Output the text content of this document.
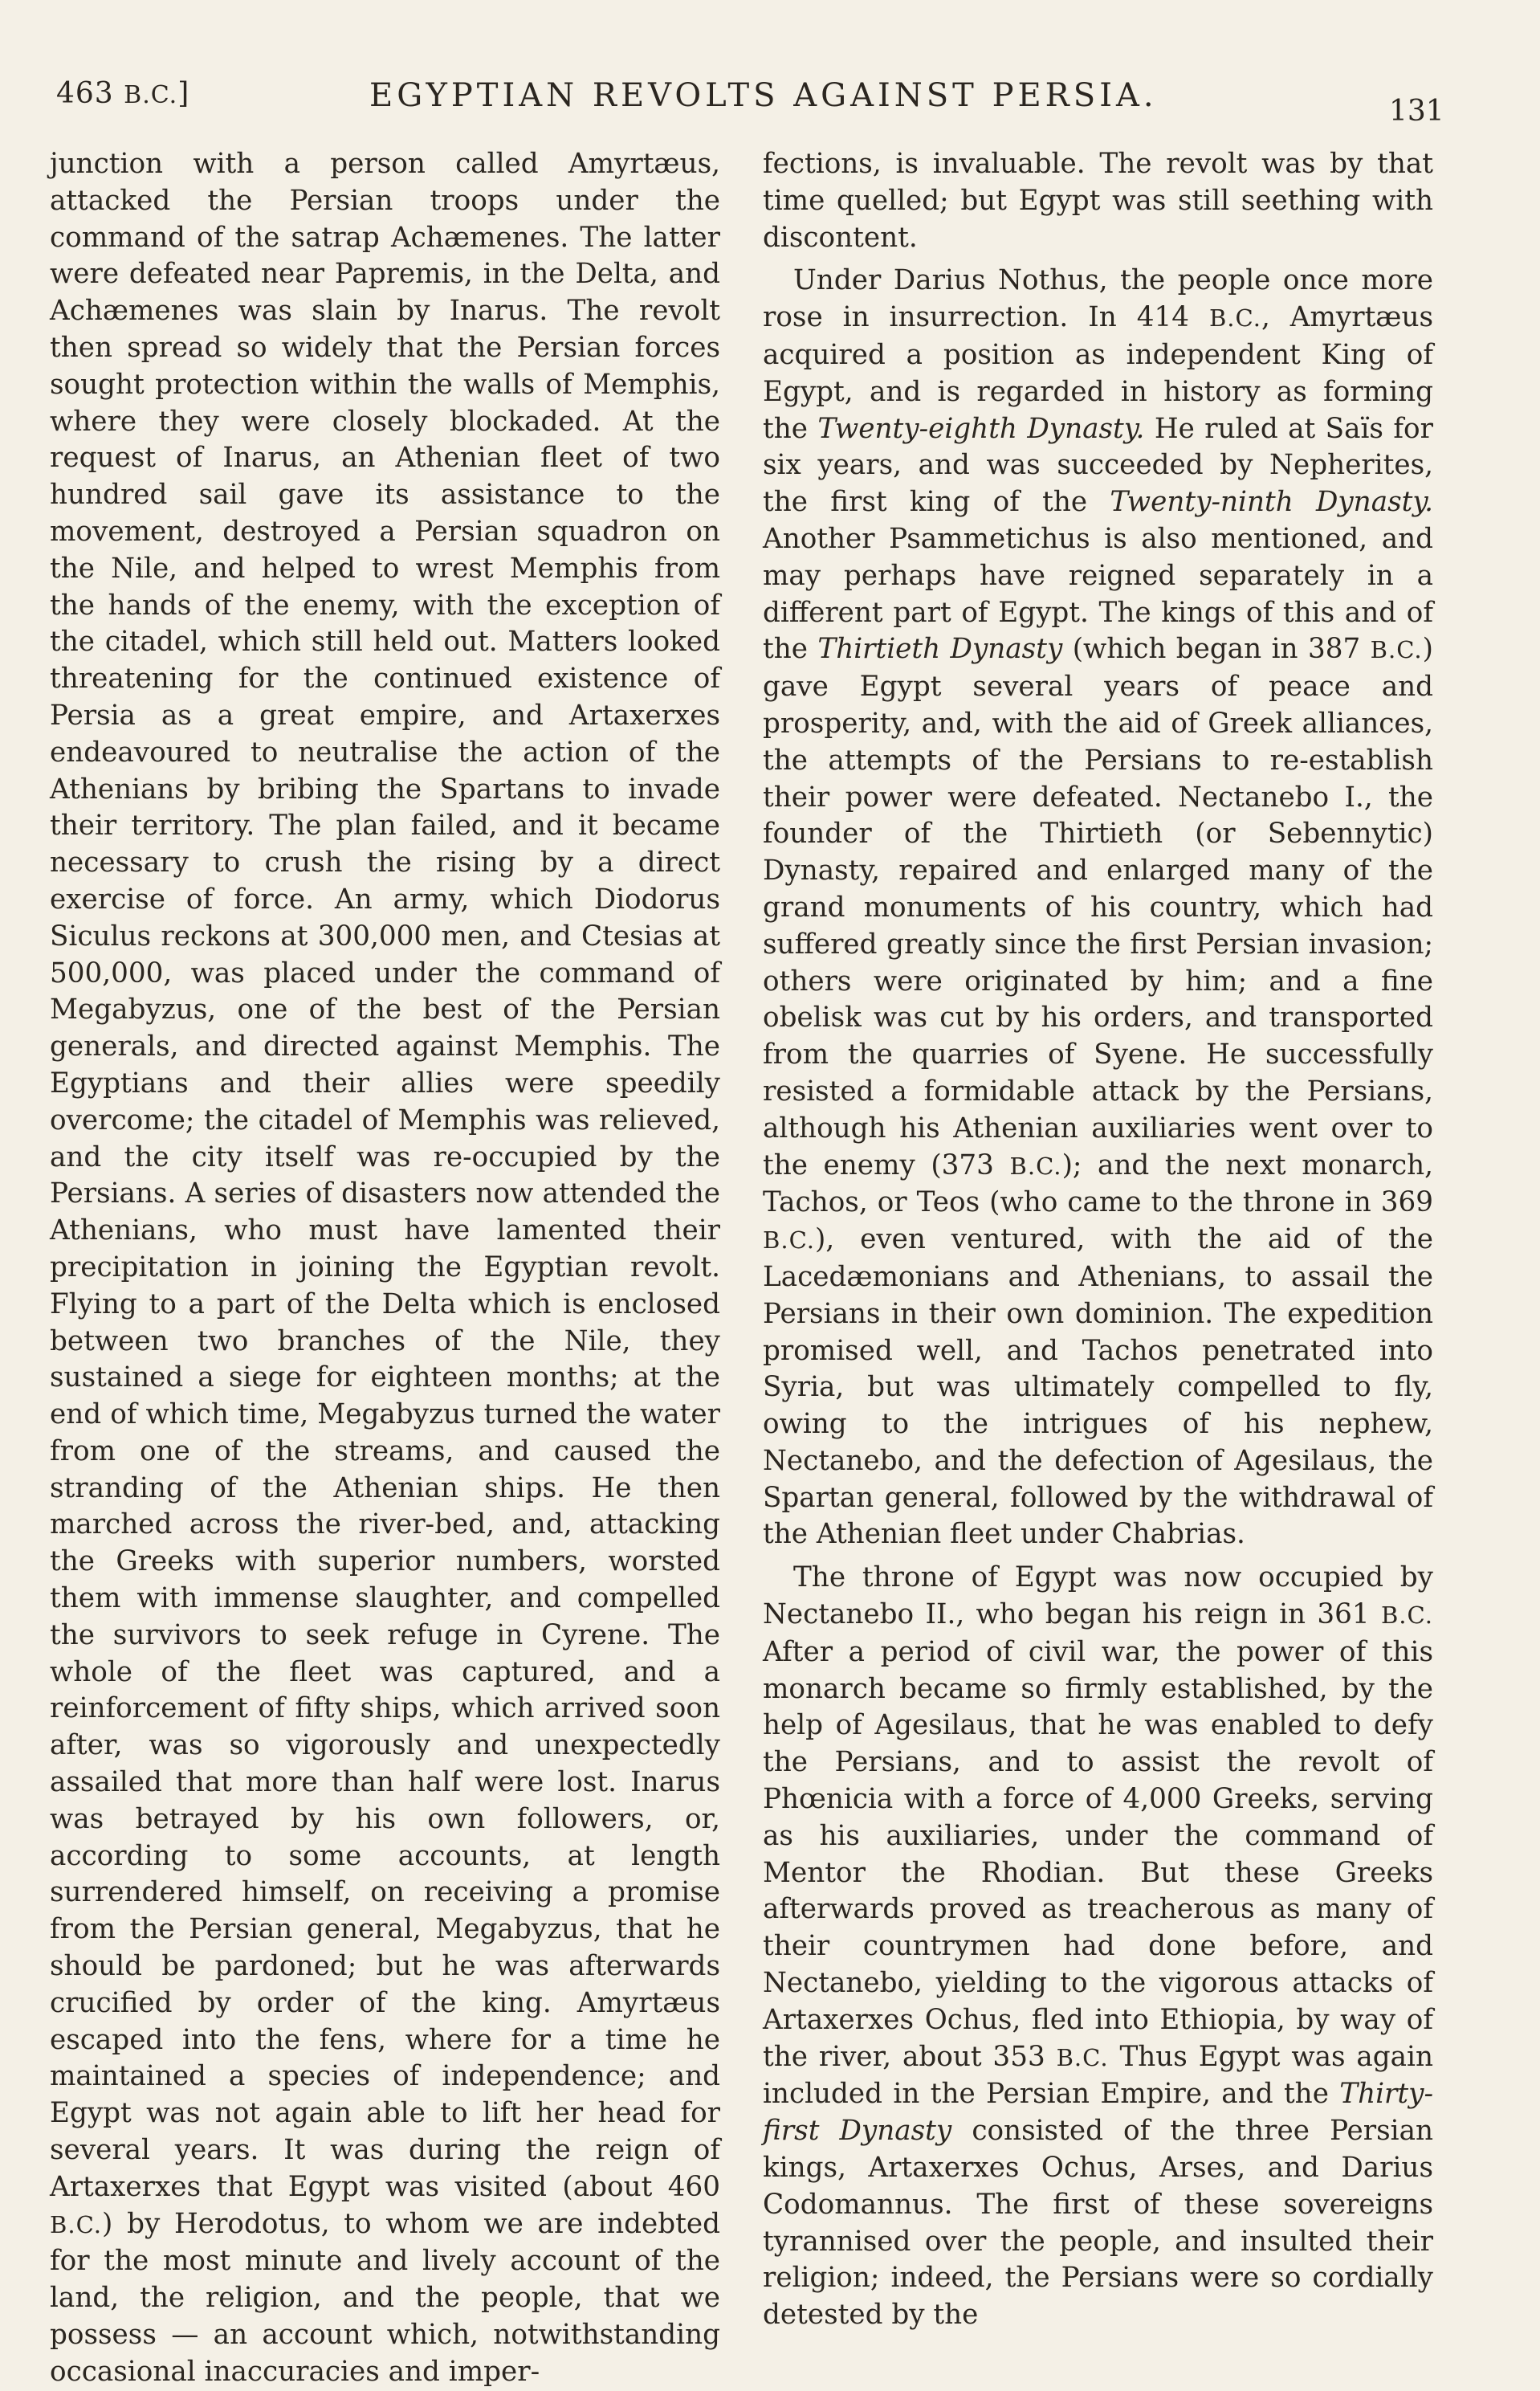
463 B.C.]	EGYPTIAN REVOLTS AGAINST PERSIA.	131

junction with a person called Amyrtæus, attacked the Persian troops under the command of the satrap Achæmenes. The latter were defeated near Papremis, in the Delta, and Achæmenes was slain by Inarus. The revolt then spread so widely that the Persian forces sought protection within the walls of Memphis, where they were closely blockaded. At the request of Inarus, an Athenian fleet of two hundred sail gave its assistance to the movement, destroyed a Persian squadron on the Nile, and helped to wrest Memphis from the hands of the enemy, with the exception of the citadel, which still held out. Matters looked threatening for the continued existence of Persia as a great empire, and Artaxerxes endeavoured to neutralise the action of the Athenians by bribing the Spartans to invade their territory. The plan failed, and it became necessary to crush the rising by a direct exercise of force. An army, which Diodorus Siculus reckons at 300,000 men, and Ctesias at 500,000, was placed under the command of Megabyzus, one of the best of the Persian generals, and directed against Memphis. The Egyptians and their allies were speedily overcome; the citadel of Memphis was relieved, and the city itself was re-occupied by the Persians. A series of disasters now attended the Athenians, who must have lamented their precipitation in joining the Egyptian revolt. Flying to a part of the Delta which is enclosed between two branches of the Nile, they sustained a siege for eighteen months; at the end of which time, Megabyzus turned the water from one of the streams, and caused the stranding of the Athenian ships. He then marched across the river-bed, and, attacking the Greeks with superior numbers, worsted them with immense slaughter, and compelled the survivors to seek refuge in Cyrene. The whole of the fleet was captured, and a reinforcement of fifty ships, which arrived soon after, was so vigorously and unexpectedly assailed that more than half were lost. Inarus was betrayed by his own followers, or, according to some accounts, at length surrendered himself, on receiving a promise from the Persian general, Megabyzus, that he should be pardoned; but he was afterwards crucified by order of the king. Amyrtæus escaped into the fens, where for a time he maintained a species of independence; and Egypt was not again able to lift her head for several years. It was during the reign of Artaxerxes that Egypt was visited (about 460 B.C.) by Herodotus, to whom we are indebted for the most minute and lively account of the land, the religion, and the people, that we possess — an account which, notwithstanding occasional inaccuracies and imper-

fections, is invaluable. The revolt was by that time quelled; but Egypt was still seething with discontent.

Under Darius Nothus, the people once more rose in insurrection. In 414 B.C., Amyrtæus acquired a position as independent King of Egypt, and is regarded in history as forming the Twenty-eighth Dynasty. He ruled at Saïs for six years, and was succeeded by Nepherites, the first king of the Twenty-ninth Dynasty. Another Psammetichus is also mentioned, and may perhaps have reigned separately in a different part of Egypt. The kings of this and of the Thirtieth Dynasty (which began in 387 B.C.) gave Egypt several years of peace and prosperity, and, with the aid of Greek alliances, the attempts of the Persians to re-establish their power were defeated. Nectanebo I., the founder of the Thirtieth (or Sebennytic) Dynasty, repaired and enlarged many of the grand monuments of his country, which had suffered greatly since the first Persian invasion; others were originated by him; and a fine obelisk was cut by his orders, and transported from the quarries of Syene. He successfully resisted a formidable attack by the Persians, although his Athenian auxiliaries went over to the enemy (373 B.C.); and the next monarch, Tachos, or Teos (who came to the throne in 369 B.C.), even ventured, with the aid of the Lacedæmonians and Athenians, to assail the Persians in their own dominion. The expedition promised well, and Tachos penetrated into Syria, but was ultimately compelled to fly, owing to the intrigues of his nephew, Nectanebo, and the defection of Agesilaus, the Spartan general, followed by the withdrawal of the Athenian fleet under Chabrias.

The throne of Egypt was now occupied by Nectanebo II., who began his reign in 361 B.C. After a period of civil war, the power of this monarch became so firmly established, by the help of Agesilaus, that he was enabled to defy the Persians, and to assist the revolt of Phœnicia with a force of 4,000 Greeks, serving as his auxiliaries, under the command of Mentor the Rhodian. But these Greeks afterwards proved as treacherous as many of their countrymen had done before, and Nectanebo, yielding to the vigorous attacks of Artaxerxes Ochus, fled into Ethiopia, by way of the river, about 353 B.C. Thus Egypt was again included in the Persian Empire, and the Thirty-first Dynasty consisted of the three Persian kings, Artaxerxes Ochus, Arses, and Darius Codomannus. The first of these sovereigns tyrannised over the people, and insulted their religion; indeed, the Persians were so cordially detested by the
